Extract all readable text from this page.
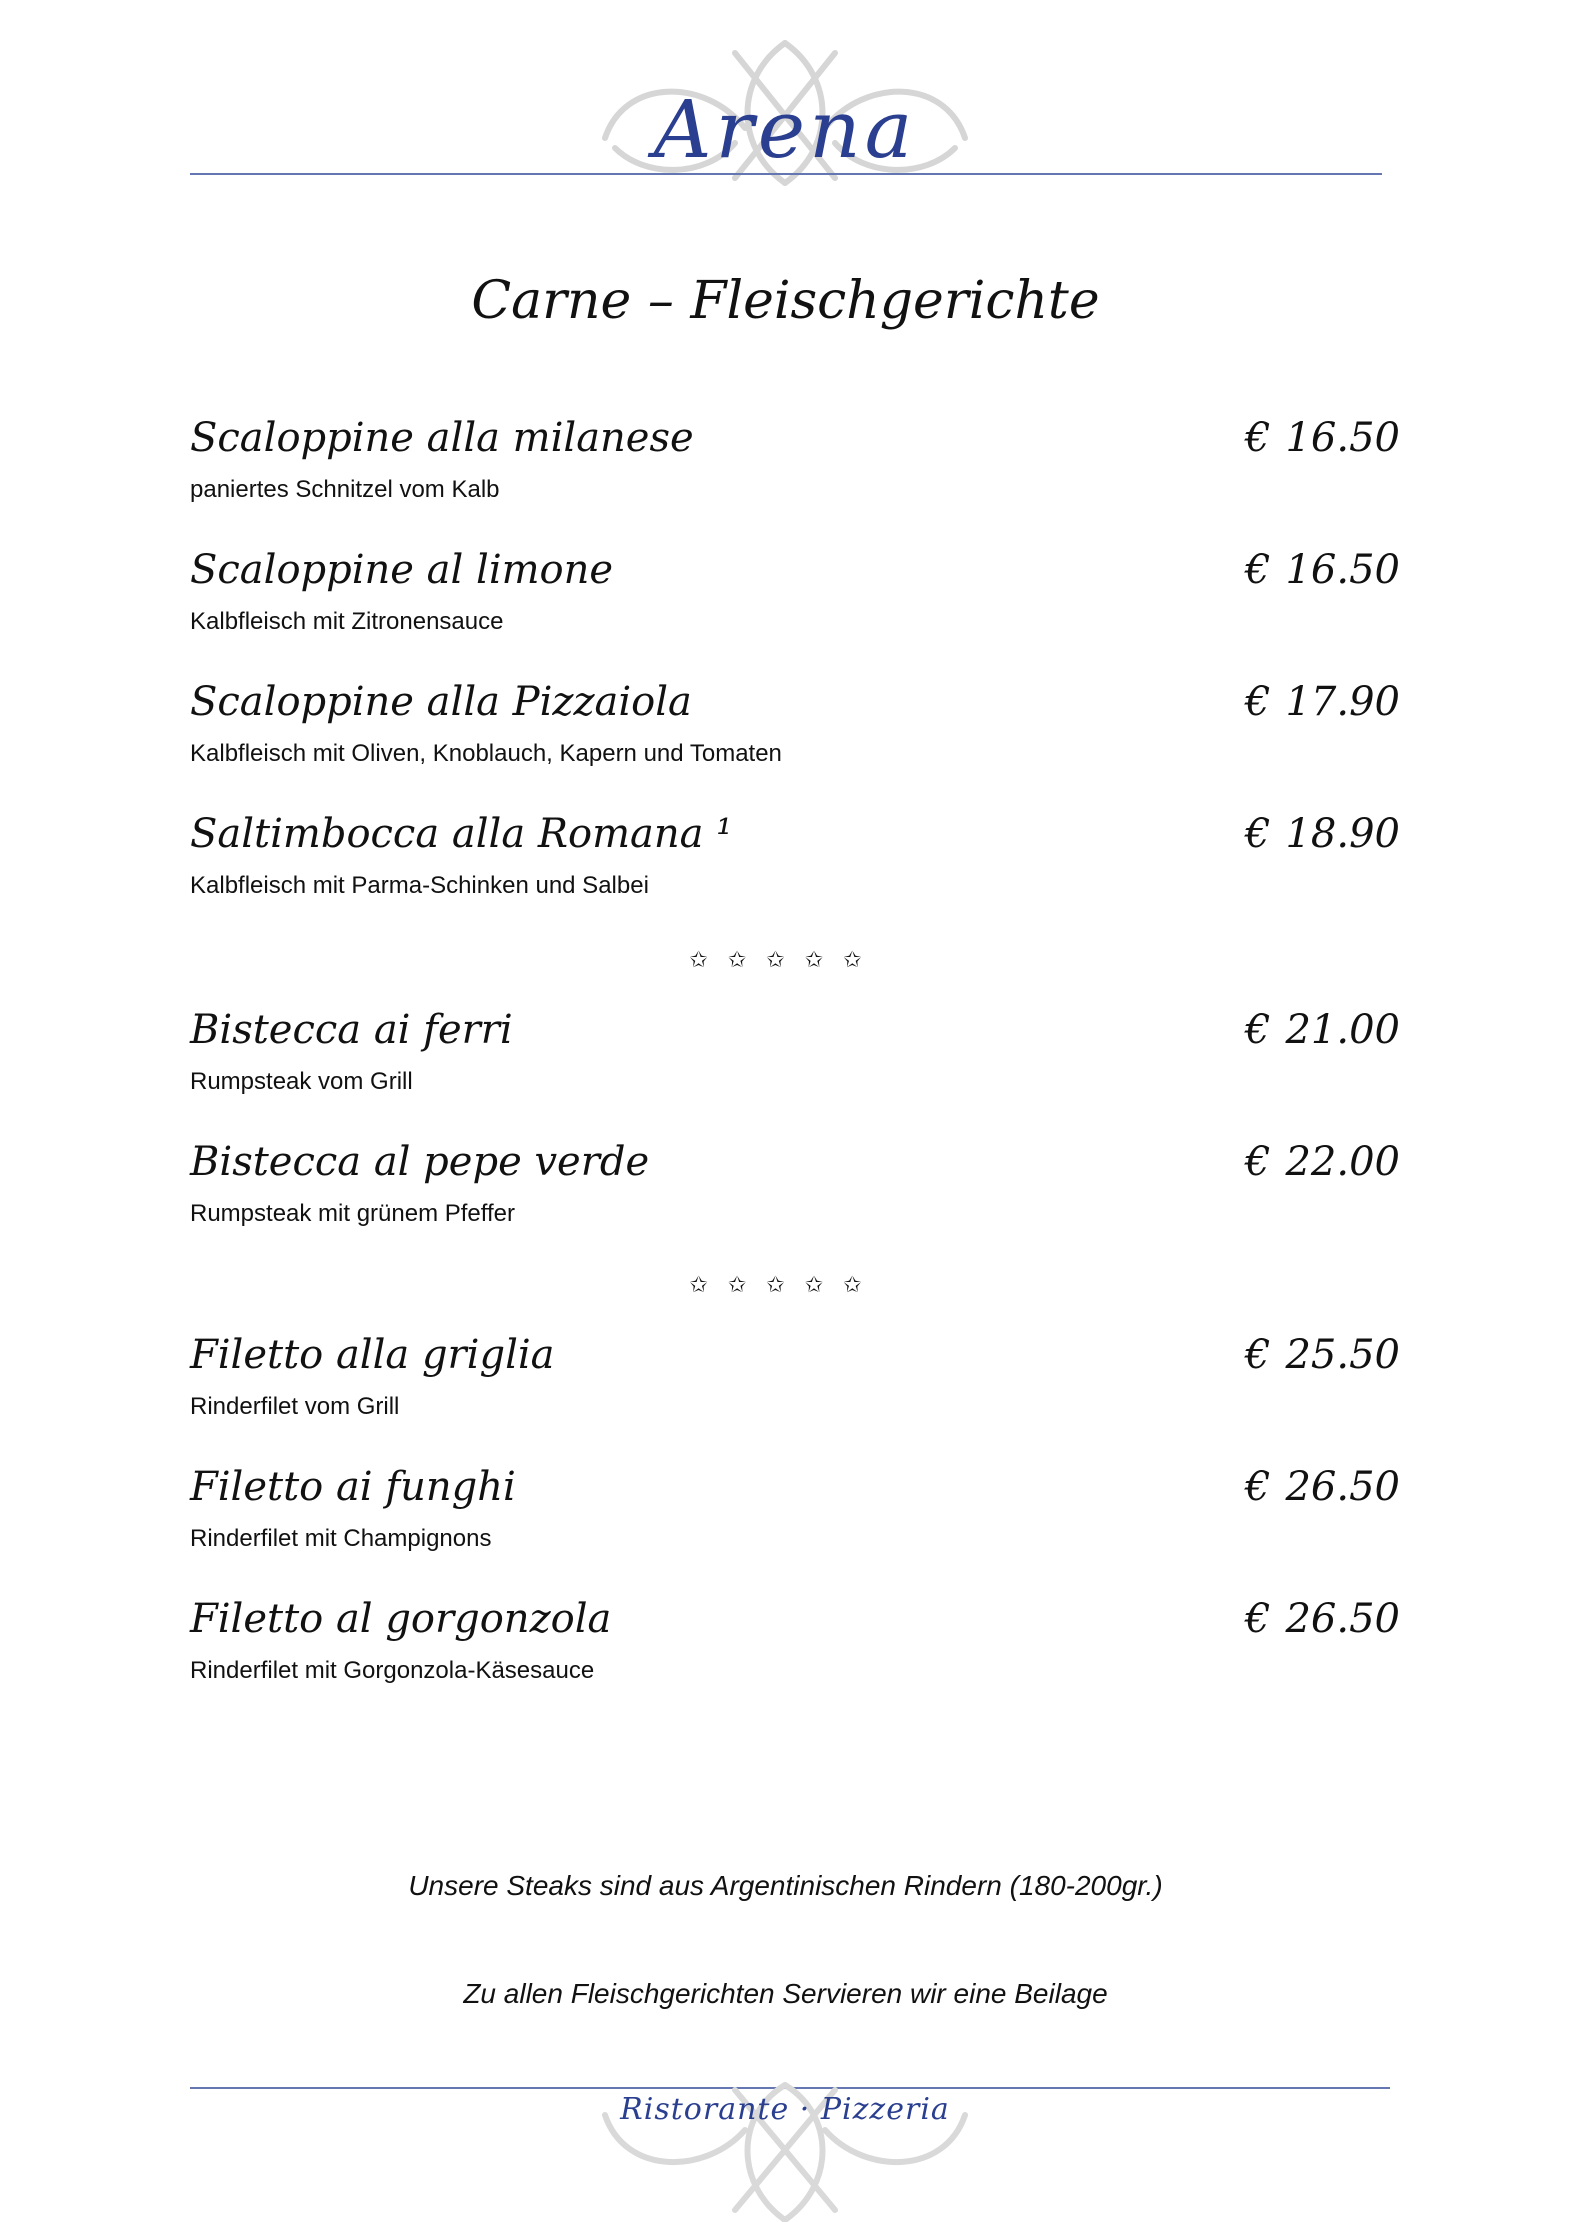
Arena
Carne – Fleischgerichte
Scaloppine alla milanese
paniertes Schnitzel vom Kalb
€ 16.50
Scaloppine al limone
Kalbfleisch mit Zitronensauce
€ 16.50
Scaloppine alla Pizzaiola
Kalbfleisch mit Oliven, Knoblauch, Kapern und Tomaten
€ 17.90
Saltimbocca alla Romana ¹
Kalbfleisch mit Parma-Schinken und Salbei
€ 18.90
✩✩✩✩✩
Bistecca ai ferri
Rumpsteak vom Grill
€ 21.00
Bistecca al pepe verde
Rumpsteak mit grünem Pfeffer
€ 22.00
✩✩✩✩✩
Filetto alla griglia
Rinderfilet vom Grill
€ 25.50
Filetto ai funghi
Rinderfilet mit Champignons
€ 26.50
Filetto al gorgonzola
Rinderfilet mit Gorgonzola-Käsesauce
€ 26.50
Unsere Steaks sind aus Argentinischen Rindern (180-200gr.)
Zu allen Fleischgerichten Servieren wir eine Beilage
Ristorante · Pizzeria
